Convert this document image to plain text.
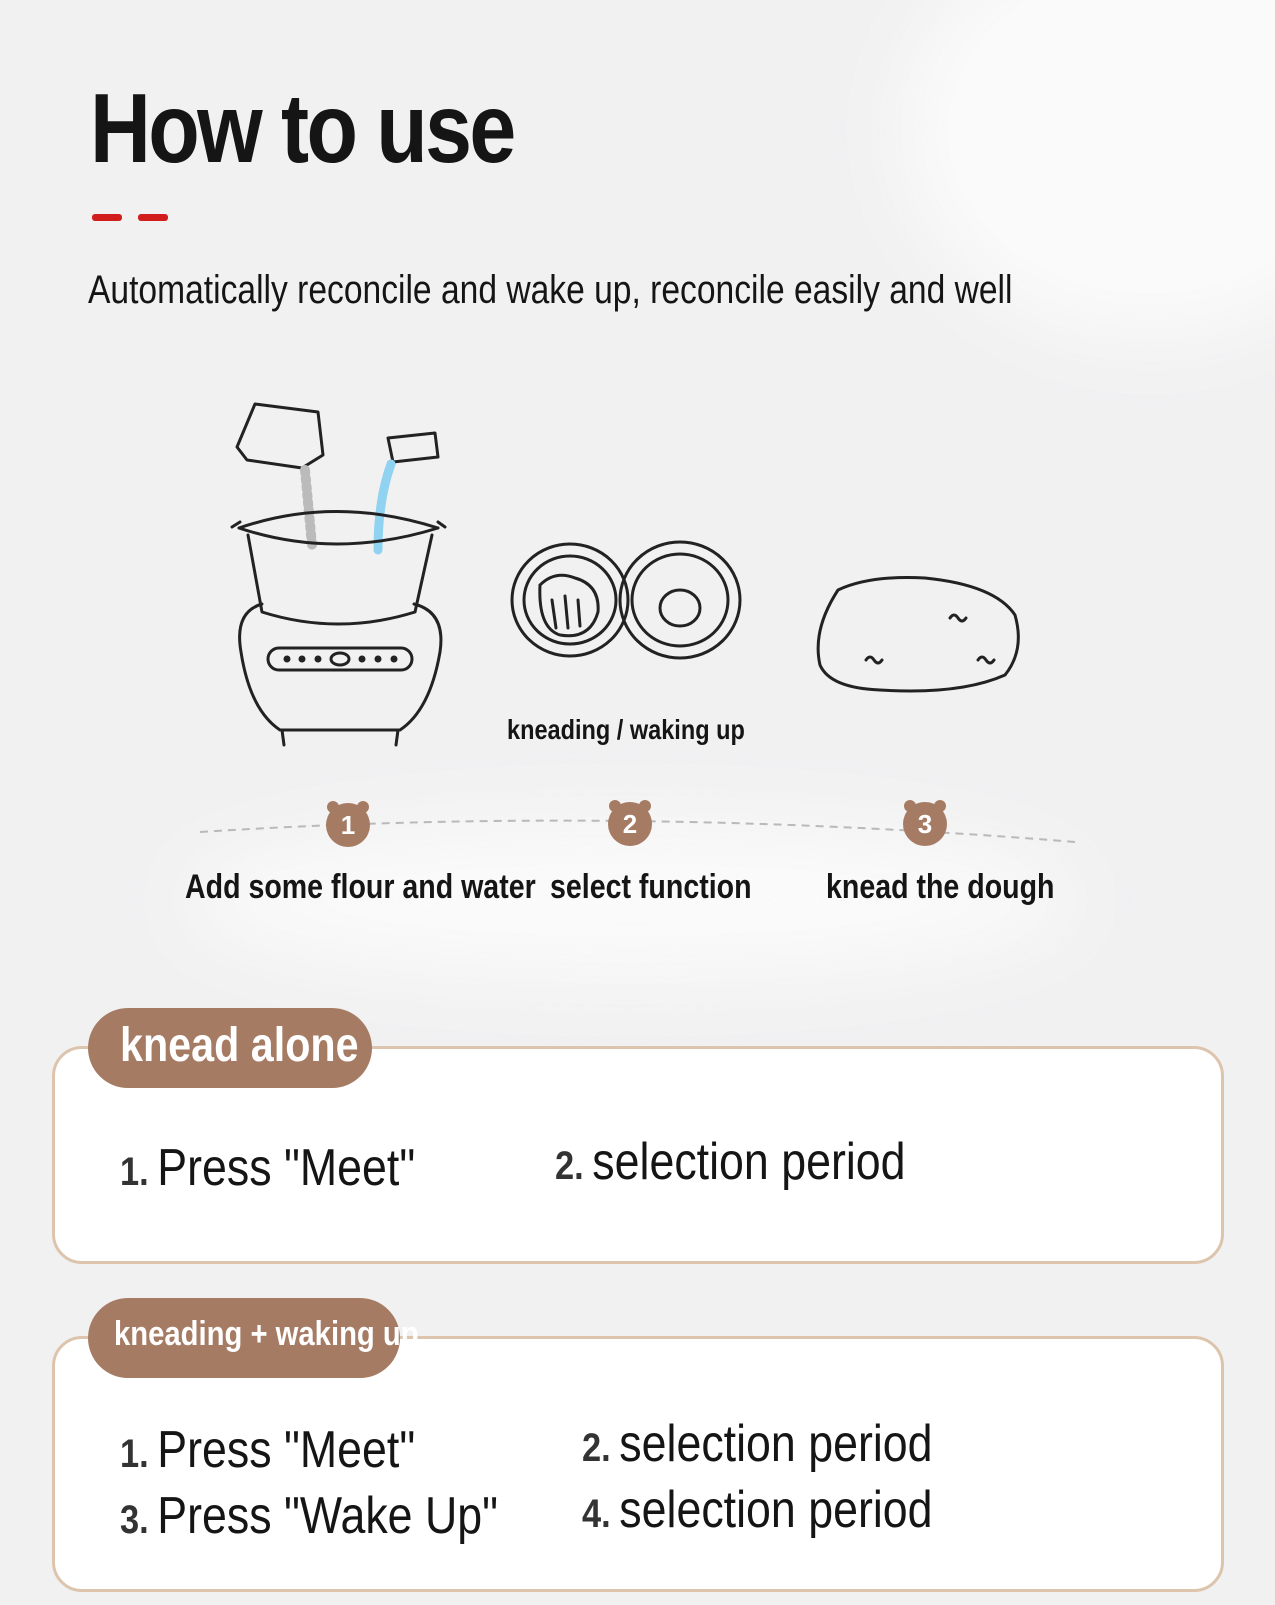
How to use
Automatically reconcile and wake up, reconcile easily and well
kneading / waking up
1	2	3
Add some flour and water select function knead the dough
knead alone
1. Press "Meet"	2. selection period
kneading + waking up
1. Press "Meet"	2. selection period
3. Press "Wake Up" 4. selection period
